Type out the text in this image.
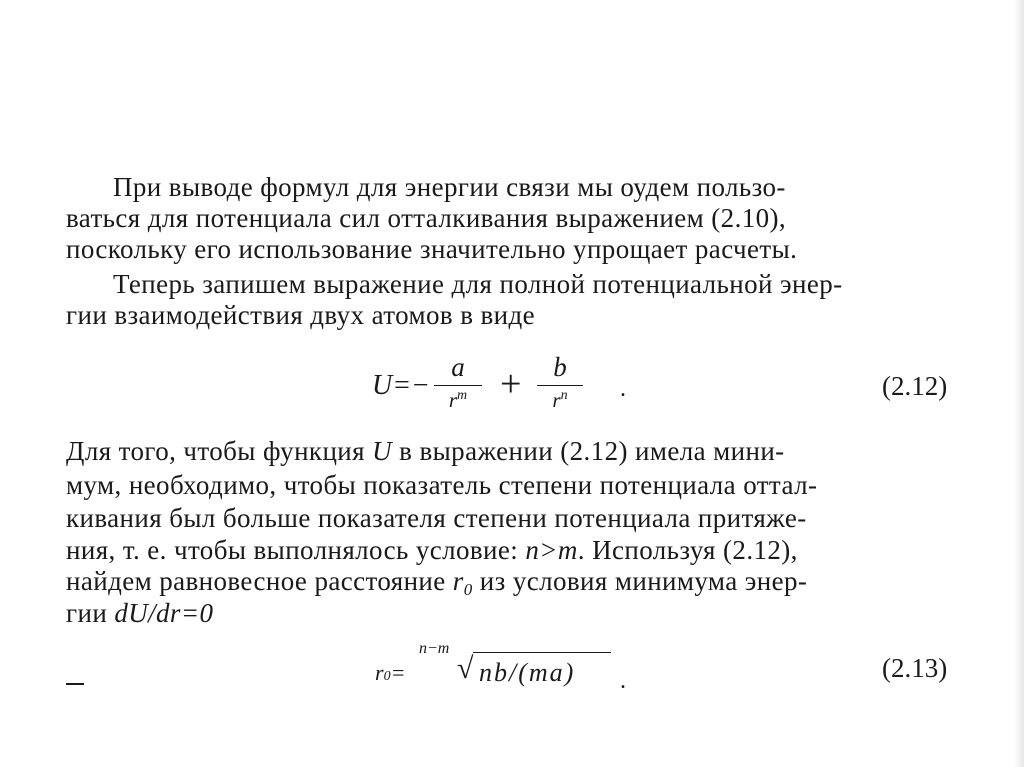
При выводе формул для энергии связи мы оудем пользо-
ваться для потенциала сил отталкивания выражением (2.10),
поскольку его использование значительно упрощает расчеты.
Теперь запишем выражение для полной потенциальной энер-
гии взаимодействия двух атомов в виде
U=−
a
$r^m$ +	b
$r^n$	.	(2.12)
Для того, чтобы функция U в выражении (2.12) имела мини-
мум, необходимо, чтобы показатель степени потенциала оттал-
кивания был больше показателя степени потенциала притяже-
ния, т. е. чтобы выполнялось условие: n>m. Используя (2.12),
найдем равновесное расстояние $r_0$ из условия минимума энер-
гии dU/dr=0
r0=
n−m
√ nb/(ma) .	(2.13)
